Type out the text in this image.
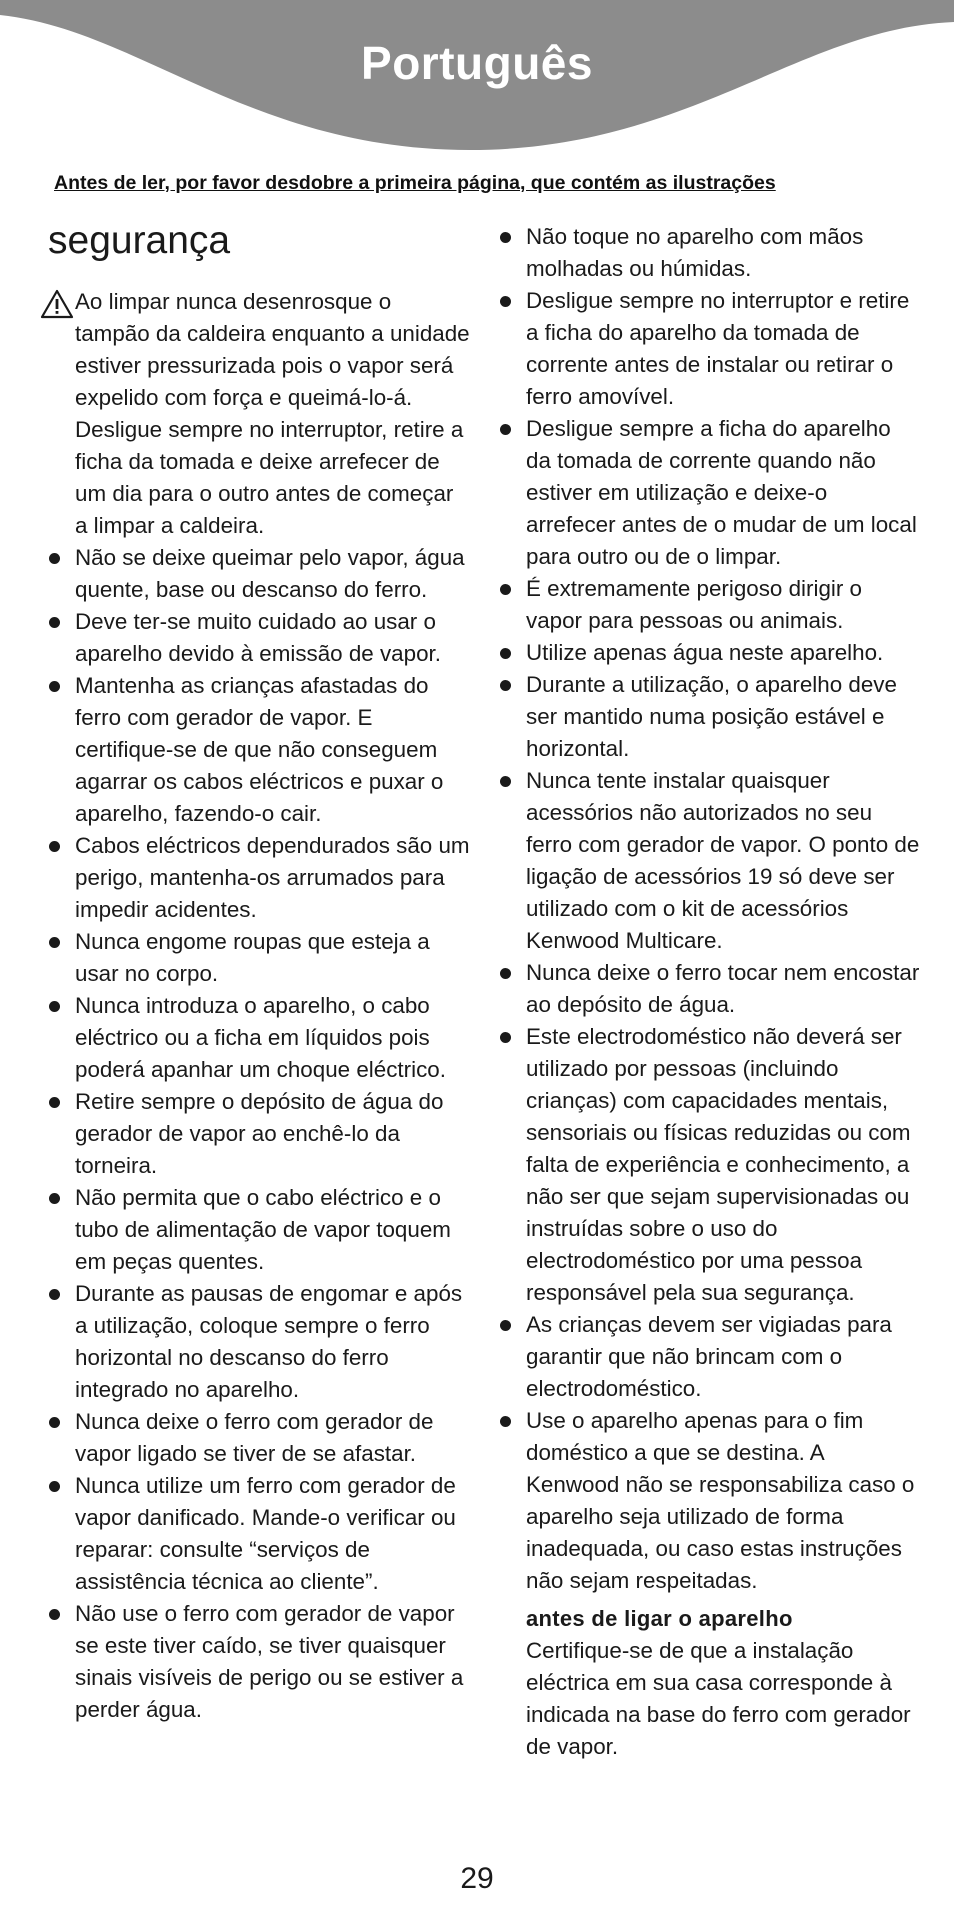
Português
Antes de ler, por favor desdobre a primeira página, que contém as ilustrações
segurança
Ao limpar nunca desenrosque o tampão da caldeira enquanto a unidade estiver pressurizada pois o vapor será expelido com força e queimá-lo-á. Desligue sempre no interruptor, retire a ficha da tomada e deixe arrefecer de um dia para o outro antes de começar a limpar a caldeira.
Não se deixe queimar pelo vapor, água quente, base ou descanso do ferro.
Deve ter-se muito cuidado ao usar o aparelho devido à emissão de vapor.
Mantenha as crianças afastadas do ferro com gerador de vapor. E certifique-se de que não conseguem agarrar os cabos eléctricos e puxar o aparelho, fazendo-o cair.
Cabos eléctricos dependurados são um perigo, mantenha-os arrumados para impedir acidentes.
Nunca engome roupas que esteja a usar no corpo.
Nunca introduza o aparelho, o cabo eléctrico ou a ficha em líquidos pois poderá apanhar um choque eléctrico.
Retire sempre o depósito de água do gerador de vapor ao enchê-lo da torneira.
Não permita que o cabo eléctrico e o tubo de alimentação de vapor toquem em peças quentes.
Durante as pausas de engomar e após a utilização, coloque sempre o ferro horizontal no descanso do ferro integrado no aparelho.
Nunca deixe o ferro com gerador de vapor ligado se tiver de se afastar.
Nunca utilize um ferro com gerador de vapor danificado. Mande-o verificar ou reparar: consulte “serviços de assistência técnica ao cliente”.
Não use o ferro com gerador de vapor se este tiver caído, se tiver quaisquer sinais visíveis de perigo ou se estiver a perder água.
Não toque no aparelho com mãos molhadas ou húmidas.
Desligue sempre no interruptor e retire a ficha do aparelho da tomada de corrente antes de instalar ou retirar o ferro amovível.
Desligue sempre a ficha do aparelho da tomada de corrente quando não estiver em utilização e deixe-o arrefecer antes de o mudar de um local para outro ou de o limpar.
É extremamente perigoso dirigir o vapor para pessoas ou animais.
Utilize apenas água neste aparelho.
Durante a utilização, o aparelho deve ser mantido numa posição estável e horizontal.
Nunca tente instalar quaisquer acessórios não autorizados no seu ferro com gerador de vapor. O ponto de ligação de acessórios 19 só deve ser utilizado com o kit de acessórios Kenwood Multicare.
Nunca deixe o ferro tocar nem encostar ao depósito de água.
Este electrodoméstico não deverá ser utilizado por pessoas (incluindo crianças) com capacidades mentais, sensoriais ou físicas reduzidas ou com falta de experiência e conhecimento, a não ser que sejam supervisionadas ou instruídas sobre o uso do electrodoméstico por uma pessoa responsável pela sua segurança.
As crianças devem ser vigiadas para garantir que não brincam com o electrodoméstico.
Use o aparelho apenas para o fim doméstico a que se destina. A Kenwood não se responsabiliza caso o aparelho seja utilizado de forma inadequada, ou caso estas instruções não sejam respeitadas.
antes de ligar o aparelho
Certifique-se de que a instalação eléctrica em sua casa corresponde à indicada na base do ferro com gerador de vapor.
29
